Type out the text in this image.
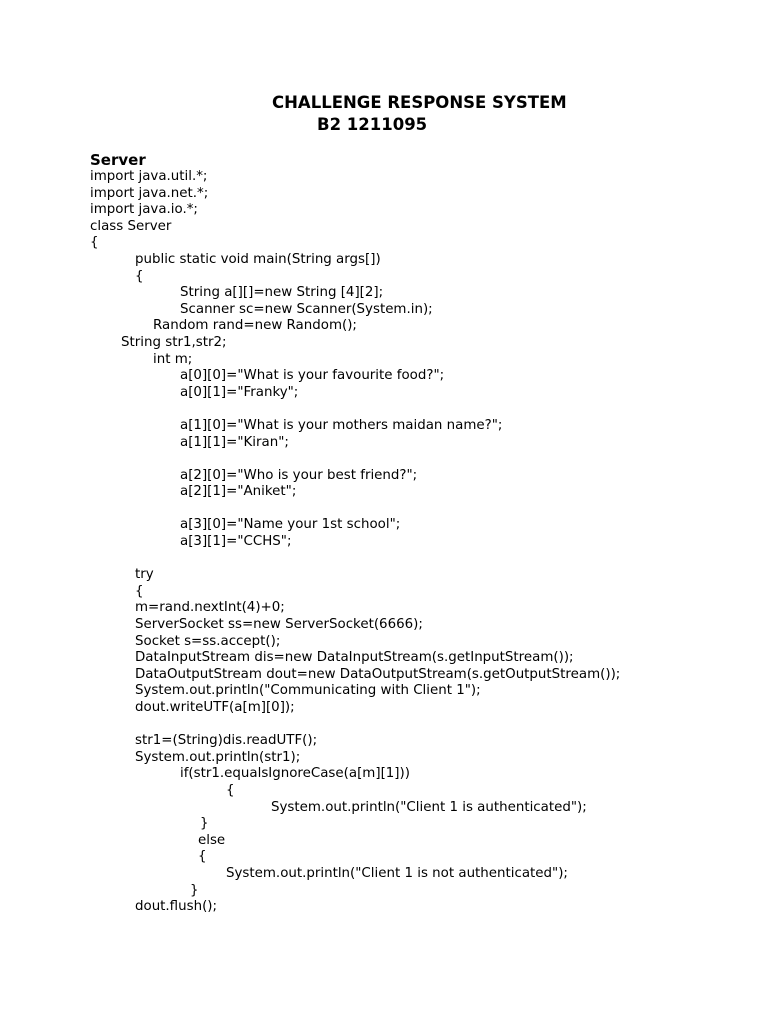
CHALLENGE RESPONSE SYSTEM
B2 1211095
Server
import java.util.*;
import java.net.*;
import java.io.*;
class Server
{
public static void main(String args[])
{
String a[][]=new String [4][2];
Scanner sc=new Scanner(System.in);
Random rand=new Random();
String str1,str2;
int m;
a[0][0]="What is your favourite food?";
a[0][1]="Franky";
a[1][0]="What is your mothers maidan name?";
a[1][1]="Kiran";
a[2][0]="Who is your best friend?";
a[2][1]="Aniket";
a[3][0]="Name your 1st school";
a[3][1]="CCHS";
try
{
m=rand.nextInt(4)+0;
ServerSocket ss=new ServerSocket(6666);
Socket s=ss.accept();
DataInputStream dis=new DataInputStream(s.getInputStream());
DataOutputStream dout=new DataOutputStream(s.getOutputStream());
System.out.println("Communicating with Client 1");
dout.writeUTF(a[m][0]);
str1=(String)dis.readUTF();
System.out.println(str1);
if(str1.equalsIgnoreCase(a[m][1]))
{
System.out.println("Client 1 is authenticated");
}
else
{
System.out.println("Client 1 is not authenticated");
}
dout.flush();
